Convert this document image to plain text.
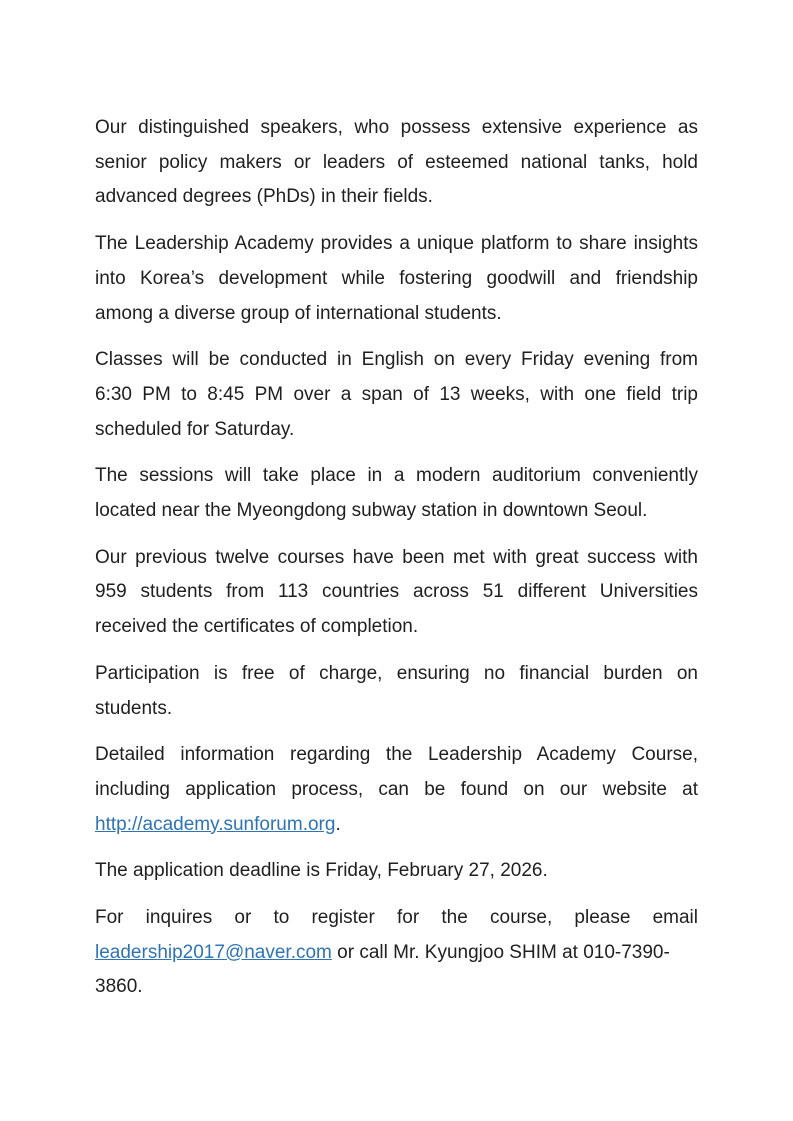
Our distinguished speakers, who possess extensive experience as
senior policy makers or leaders of esteemed national tanks, hold
advanced degrees (PhDs) in their fields.
The Leadership Academy provides a unique platform to share insights
into Korea’s development while fostering goodwill and friendship
among a diverse group of international students.
Classes will be conducted in English on every Friday evening from
6:30 PM to 8:45 PM over a span of 13 weeks, with one field trip
scheduled for Saturday.
The sessions will take place in a modern auditorium conveniently
located near the Myeongdong subway station in downtown Seoul.
Our previous twelve courses have been met with great success with
959 students from 113 countries across 51 different Universities
received the certificates of completion.
Participation is free of charge, ensuring no financial burden on
students.
Detailed information regarding the Leadership Academy Course,
including application process, can be found on our website at
http://academy.sunforum.org.
The application deadline is Friday, February 27, 2026.
For inquires or to register for the course, please email
leadership2017@naver.com or call Mr. Kyungjoo SHIM at 010-7390-
3860.
